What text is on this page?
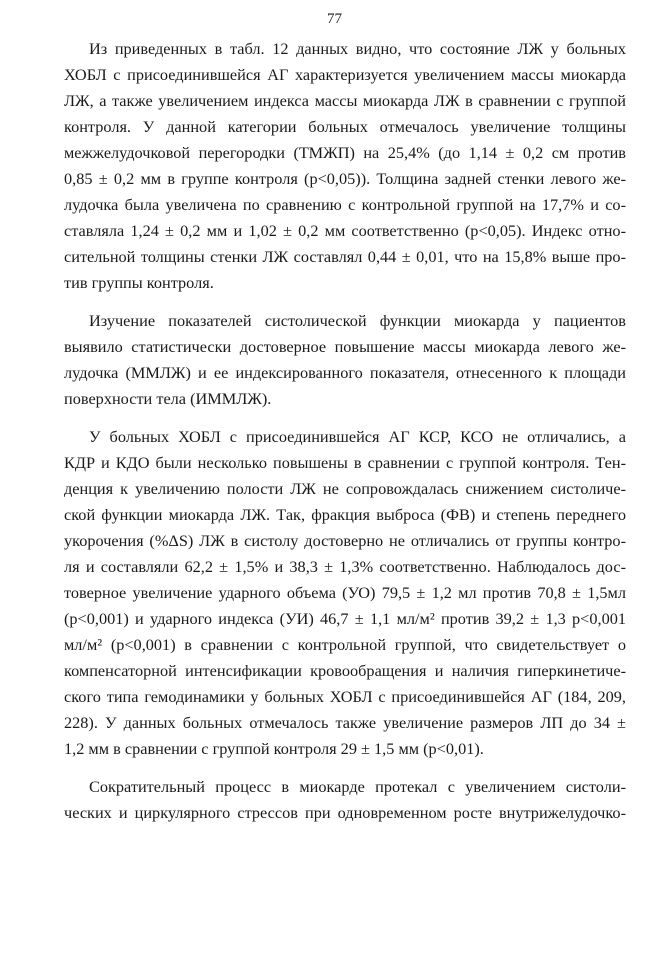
77
Из приведенных в табл. 12 данных видно, что состояние ЛЖ у больных
ХОБЛ с присоединившейся АГ характеризуется увеличением массы миокарда
ЛЖ, а также увеличением индекса массы миокарда ЛЖ в сравнении с группой
контроля. У данной категории больных отмечалось увеличение толщины
межжелудочковой перегородки (ТМЖП) на 25,4% (до 1,14 ± 0,2 см против
0,85 ± 0,2 мм в группе контроля (р<0,05)). Толщина задней стенки левого же-
лудочка была увеличена по сравнению с контрольной группой на 17,7% и со-
ставляла 1,24 ± 0,2 мм и 1,02 ± 0,2 мм соответственно (р<0,05). Индекс отно-
сительной толщины стенки ЛЖ составлял 0,44 ± 0,01, что на 15,8% выше про-
тив группы контроля.
Изучение показателей систолической функции миокарда у пациентов
выявило статистически достоверное повышение массы миокарда левого же-
лудочка (ММЛЖ) и ее индексированного показателя, отнесенного к площади
поверхности тела (ИММЛЖ).
У больных ХОБЛ с присоединившейся АГ КСР, КСО не отличались, а
КДР и КДО были несколько повышены в сравнении с группой контроля. Тен-
денция к увеличению полости ЛЖ не сопровождалась снижением систоличе-
ской функции миокарда ЛЖ. Так, фракция выброса (ФВ) и степень переднего
укорочения (%ΔS) ЛЖ в систолу достоверно не отличались от группы контро-
ля и составляли 62,2 ± 1,5% и 38,3 ± 1,3% соответственно. Наблюдалось дос-
товерное увеличение ударного объема (УО) 79,5 ± 1,2 мл против 70,8 ± 1,5мл
(р<0,001) и ударного индекса (УИ) 46,7 ± 1,1 мл/м² против 39,2 ± 1,3 р<0,001
мл/м² (р<0,001) в сравнении с контрольной группой, что свидетельствует о
компенсаторной интенсификации кровообращения и наличия гиперкинетиче-
ского типа гемодинамики у больных ХОБЛ с присоединившейся АГ (184, 209,
228). У данных больных отмечалось также увеличение размеров ЛП до 34 ±
1,2 мм в сравнении с группой контроля 29 ± 1,5 мм (р<0,01).
Сократительный процесс в миокарде протекал с увеличением систоли-
ческих и циркулярного стрессов при одновременном росте внутрижелудочко-
